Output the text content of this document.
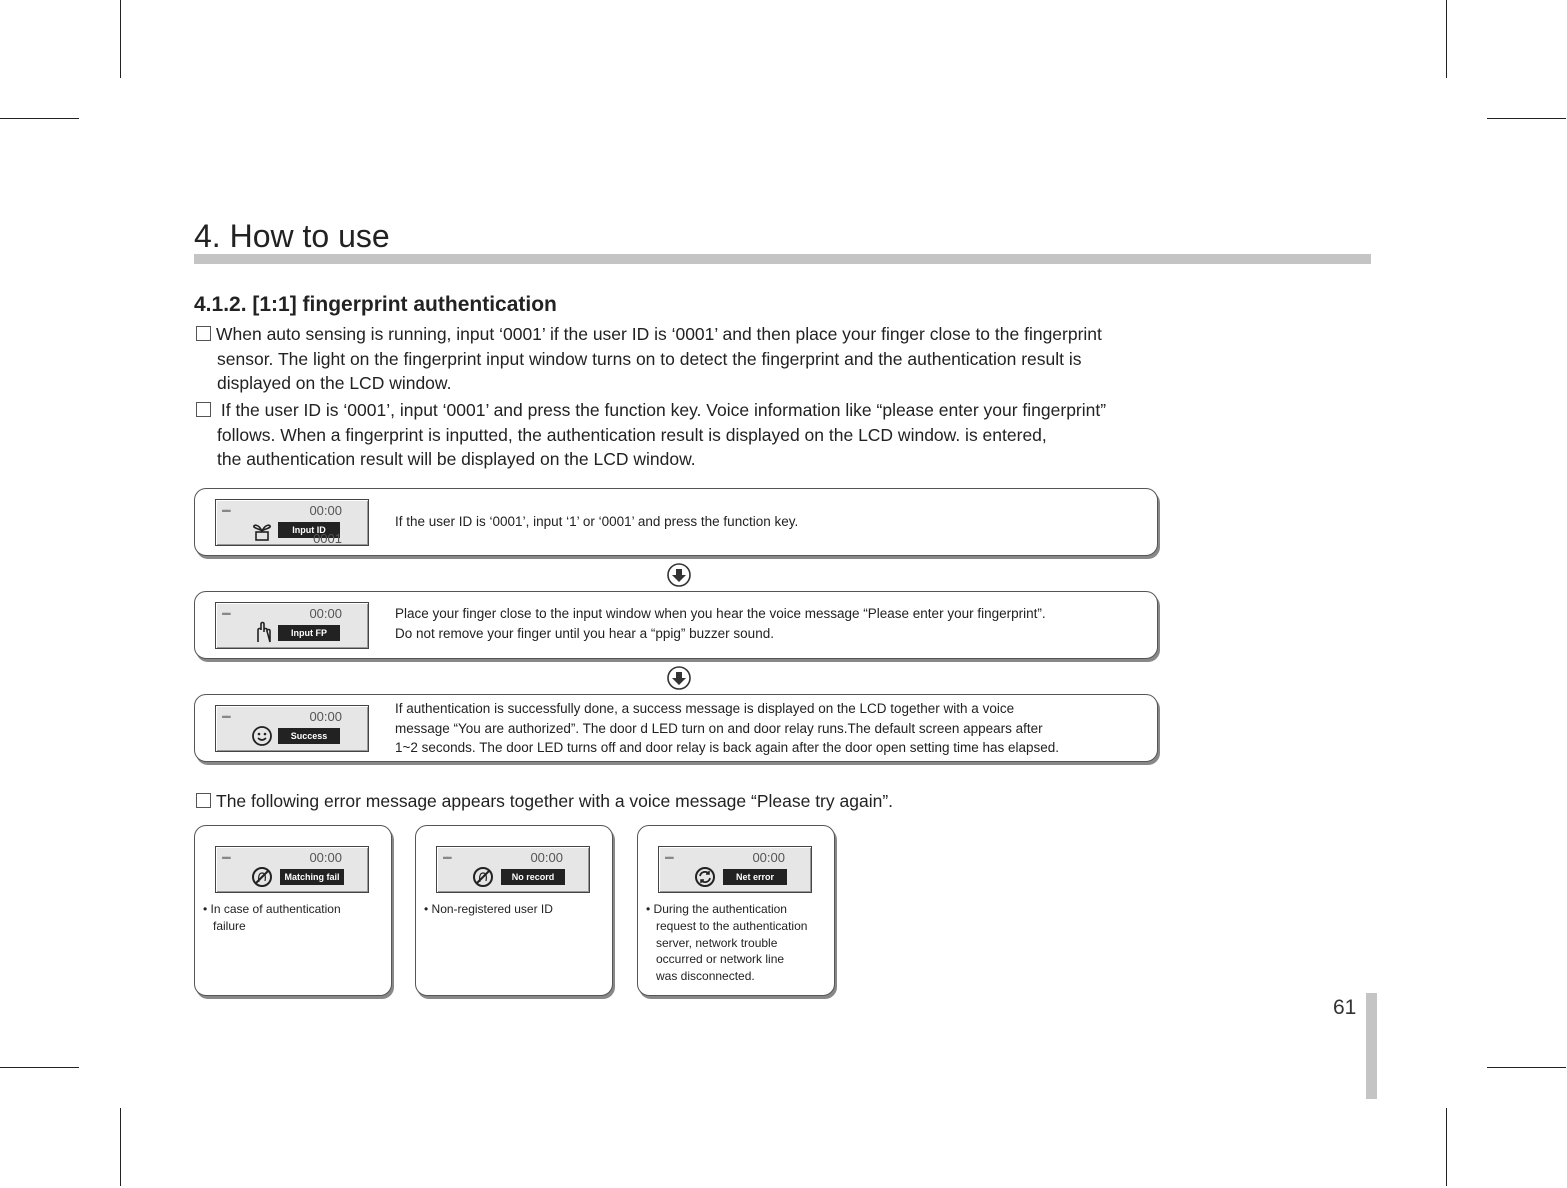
4. How to use
4.1.2. [1:1] fingerprint authentication
When auto sensing is running, input ‘0001’ if the user ID is ‘0001’ and then place your finger close to the fingerprint
sensor. The light on the fingerprint input window turns on to detect the fingerprint and the authentication result is
displayed on the LCD window.
If the user ID is ‘0001’, input ‘0001’ and press the function key. Voice information like “please enter your fingerprint”
follows. When a fingerprint is inputted, the authentication result is displayed on the LCD window. is entered,
the authentication result will be displayed on the LCD window.
▬▬	00:00
Input ID
0001
If the user ID is ‘0001’, input ‘1’ or ‘0001’ and press the function key.
▬▬	00:00
Input FP
Place your finger close to the input window when you hear the voice message “Please enter your fingerprint”.
Do not remove your finger until you hear a “ppig” buzzer sound.
▬▬	00:00
Success
If authentication is successfully done, a success message is displayed on the LCD together with a voice
message “You are authorized”. The door d LED turn on and door relay runs.The default screen appears after
1~2 seconds. The door LED turns off and door relay is back again after the door open setting time has elapsed.
The following error message appears together with a voice message “Please try again”.
▬▬	00:00
Matching fail
• In case of authentication
failure
▬▬	00:00
No record
• Non-registered user ID
▬▬	00:00
Net error
• During the authentication
request to the authentication
server, network trouble
occurred or network line
was disconnected.
61
